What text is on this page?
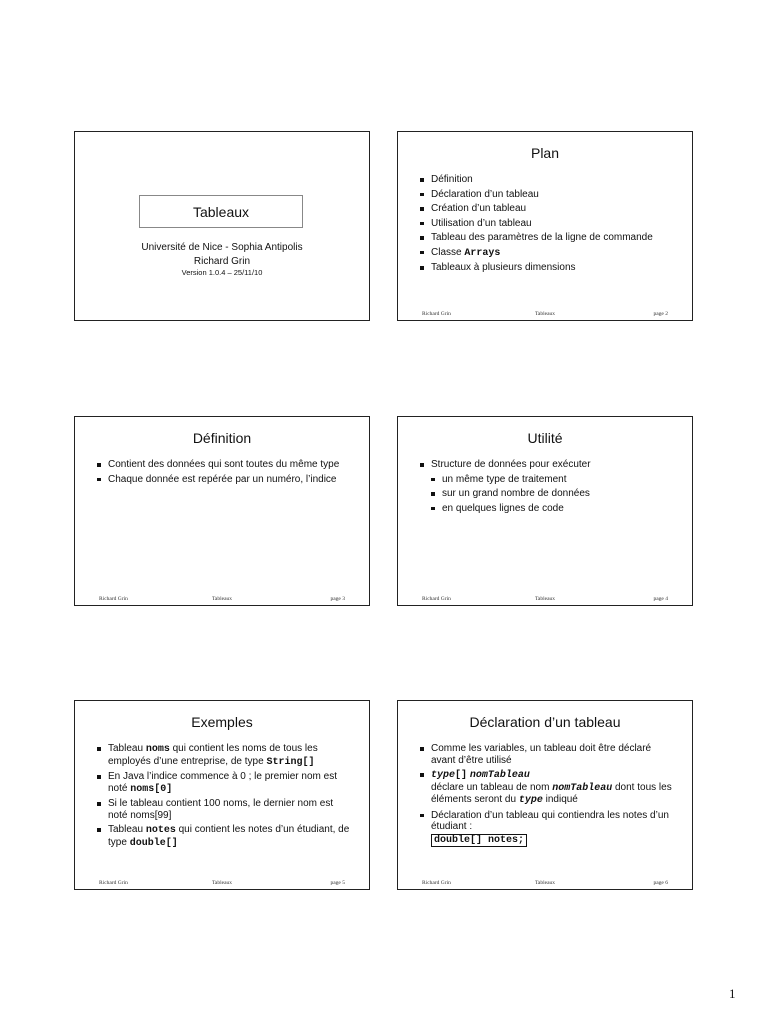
Tableaux
Université de Nice - Sophia Antipolis
Richard Grin
Version 1.0.4 – 25/11/10
Plan
Définition
Déclaration d’un tableau
Création d’un tableau
Utilisation d’un tableau
Tableau des paramètres de la ligne de commande
Classe Arrays
Tableaux à plusieurs dimensions
Richard Grin	Tableaux	page 2
Définition
Contient des données qui sont toutes du même type
Chaque donnée est repérée par un numéro, l’indice
Richard Grin	Tableaux	page 3
Utilité
Structure de données pour exécuter
un même type de traitement
sur un grand nombre de données
en quelques lignes de code
Richard Grin	Tableaux	page 4
Exemples
Tableau noms qui contient les noms de tous les employés d’une entreprise, de type String[]
En Java l’indice commence à 0 ; le premier nom est noté noms[0]
Si le tableau contient 100 noms, le dernier nom est noté noms[99]
Tableau notes qui contient les notes d’un étudiant, de type double[]
Richard Grin	Tableaux	page 5
Déclaration d’un tableau
Comme les variables, un tableau doit être déclaré avant d’être utilisé
type[] nomTableau
déclare un tableau de nom nomTableau dont tous les éléments seront du type indiqué
Déclaration d’un tableau qui contiendra les notes d’un étudiant :
double[] notes;
Richard Grin	Tableaux	page 6
1
